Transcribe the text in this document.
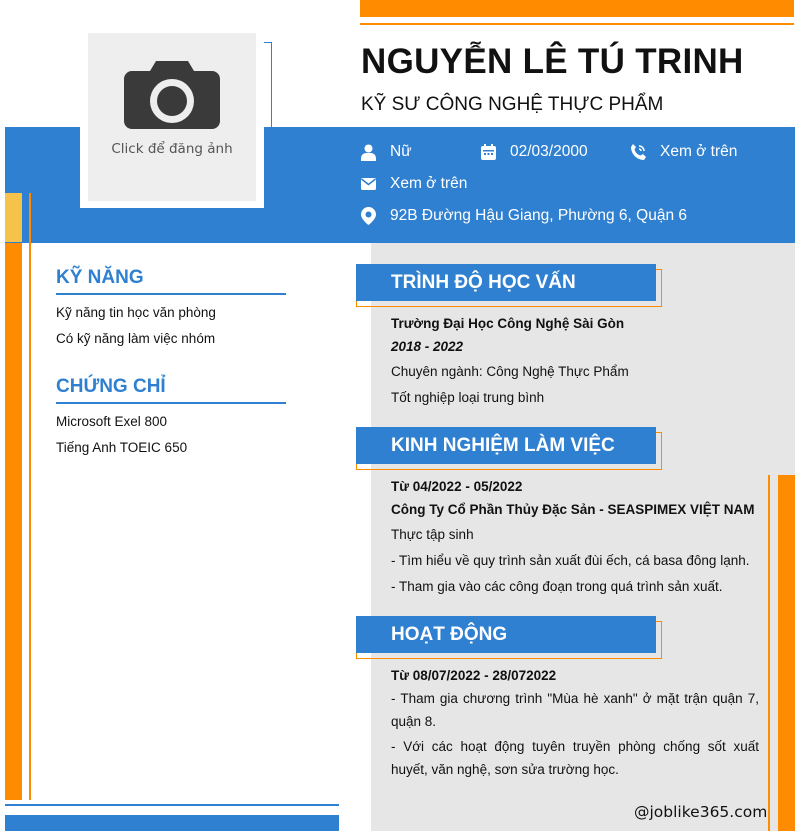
Click để đăng ảnh
NGUYỄN LÊ TÚ TRINH
KỸ SƯ CÔNG NGHỆ THỰC PHẨM
Nữ	02/03/2000	Xem ở trên
Xem ở trên
92B Đường Hậu Giang, Phường 6, Quận 6
KỸ NĂNG
Kỹ năng tin học văn phòng
Có kỹ năng làm việc nhóm
CHỨNG CHỈ
Microsoft Exel 800
Tiếng Anh TOEIC 650
TRÌNH ĐỘ HỌC VẤN
Trường Đại Học Công Nghệ Sài Gòn
2018 - 2022
Chuyên ngành: Công Nghệ Thực Phẩm
Tốt nghiệp loại trung bình
KINH NGHIỆM LÀM VIỆC
Từ 04/2022 - 05/2022
Công Ty Cổ Phần Thủy Đặc Sản - SEASPIMEX VIỆT NAM
Thực tập sinh
- Tìm hiểu về quy trình sản xuất đùi ếch, cá basa đông lạnh.
- Tham gia vào các công đoạn trong quá trình sản xuất.
HOẠT ĐỘNG
Từ 08/07/2022 - 28/072022
- Tham gia chương trình "Mùa hè xanh" ở mặt trận quận 7, quận 8.
- Với các hoạt động tuyên truyền phòng chống sốt xuất huyết, văn nghệ, sơn sửa trường học.
@joblike365.com
